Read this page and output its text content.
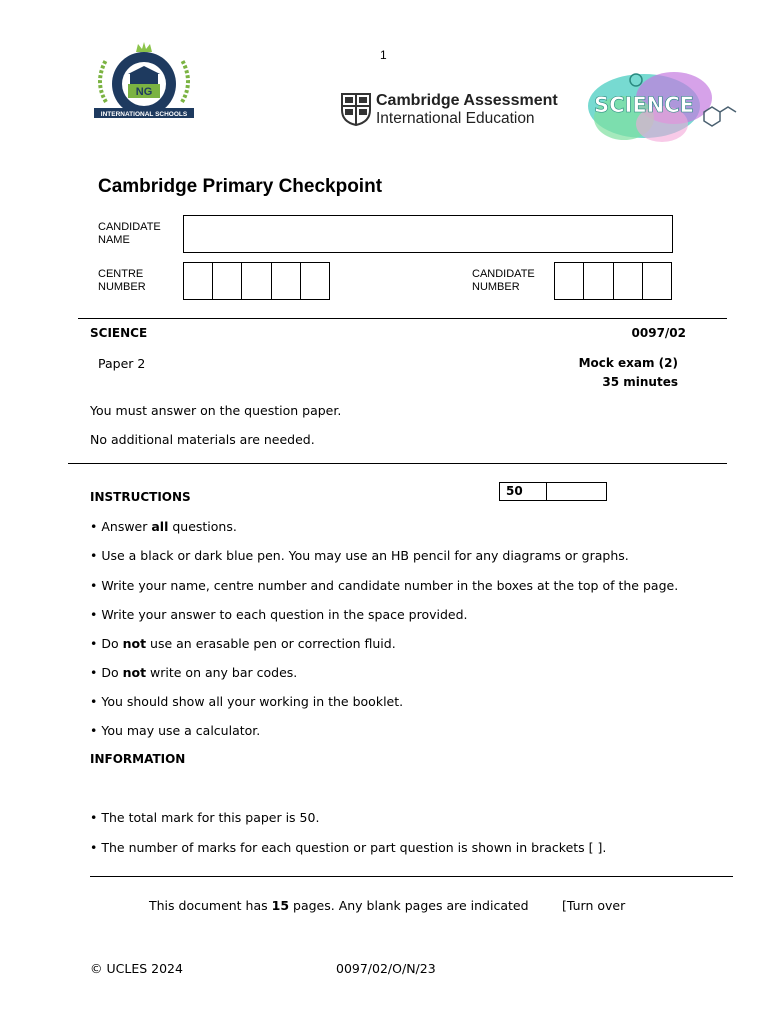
1
NG
INTERNATIONAL SCHOOLS
Cambridge Assessment
International Education
SCIENCE
Cambridge Primary Checkpoint
CANDIDATE
NAME
CENTRE
NUMBER
CANDIDATE
NUMBER
SCIENCE	0097/02
Paper 2	Mock exam (2)
35 minutes
You must answer on the question paper.
No additional materials are needed.
INSTRUCTIONS	50
• Answer all questions.
• Use a black or dark blue pen. You may use an HB pencil for any diagrams or graphs.
• Write your name, centre number and candidate number in the boxes at the top of the page.
• Write your answer to each question in the space provided.
• Do not use an erasable pen or correction fluid.
• Do not write on any bar codes.
• You should show all your working in the booklet.
• You may use a calculator.
INFORMATION
• The total mark for this paper is 50.
• The number of marks for each question or part question is shown in brackets [ ].
This document has 15 pages. Any blank pages are indicated	[Turn over
© UCLES 2024	0097/02/O/N/23
